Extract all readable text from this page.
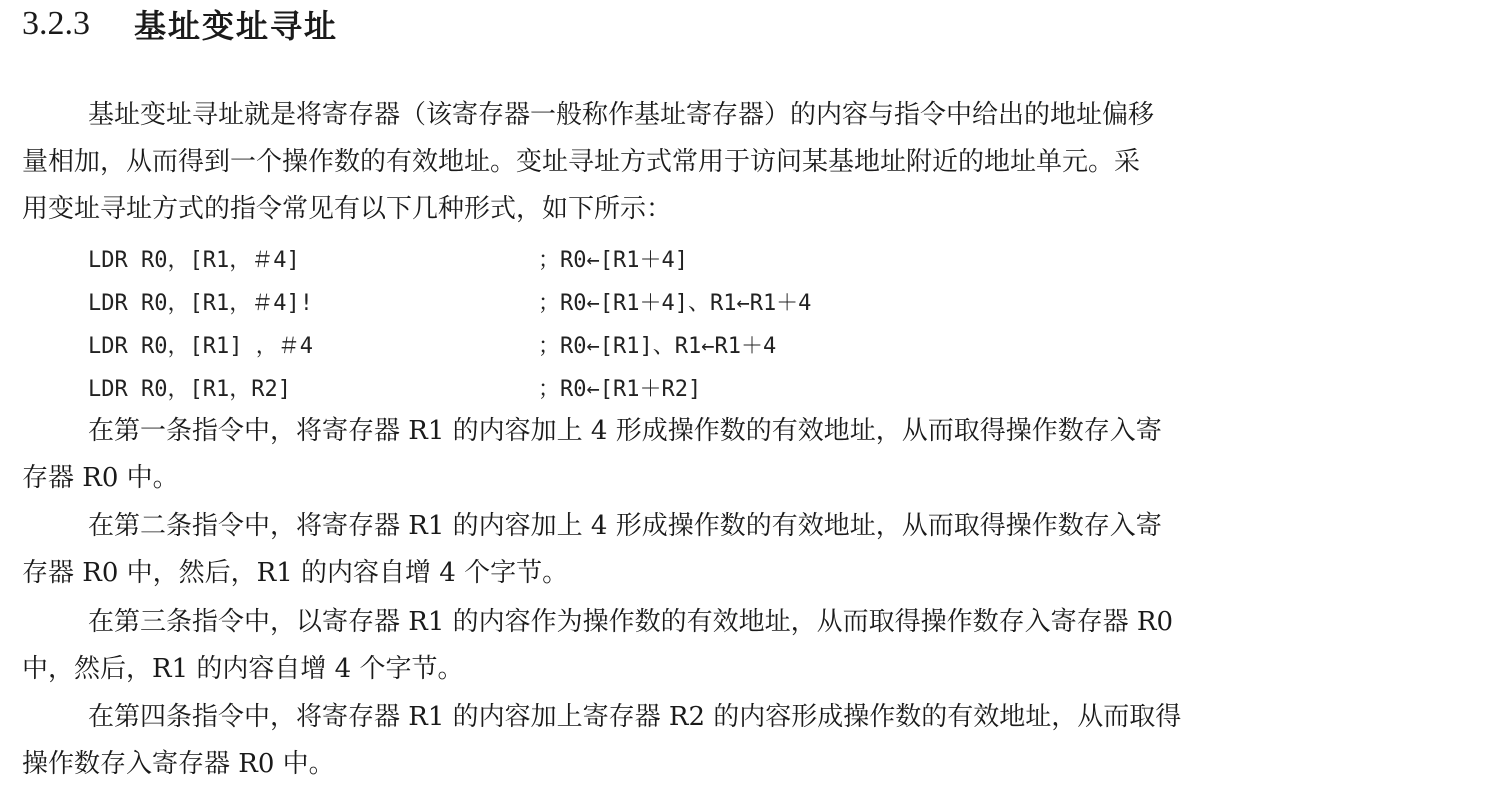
3.2.3 基址变址寻址
基址变址寻址就是将寄存器（该寄存器一般称作基址寄存器）的内容与指令中给出的地址偏移
量相加，从而得到一个操作数的有效地址。变址寻址方式常用于访问某基地址附近的地址单元。采
用变址寻址方式的指令常见有以下几种形式，如下所示：
LDR R0，[R1，＃4]	；R0←[R1＋4]
LDR R0，[R1，＃4]!	；R0←[R1＋4]、R1←R1＋4
LDR R0，[R1] ，＃4	；R0←[R1]、R1←R1＋4
LDR R0，[R1，R2]	；R0←[R1＋R2]
在第一条指令中，将寄存器 R1 的内容加上 4 形成操作数的有效地址，从而取得操作数存入寄
存器 R0 中。
在第二条指令中，将寄存器 R1 的内容加上 4 形成操作数的有效地址，从而取得操作数存入寄
存器 R0 中，然后，R1 的内容自增 4 个字节。
在第三条指令中，以寄存器 R1 的内容作为操作数的有效地址，从而取得操作数存入寄存器 R0
中，然后，R1 的内容自增 4 个字节。
在第四条指令中，将寄存器 R1 的内容加上寄存器 R2 的内容形成操作数的有效地址，从而取得
操作数存入寄存器 R0 中。
